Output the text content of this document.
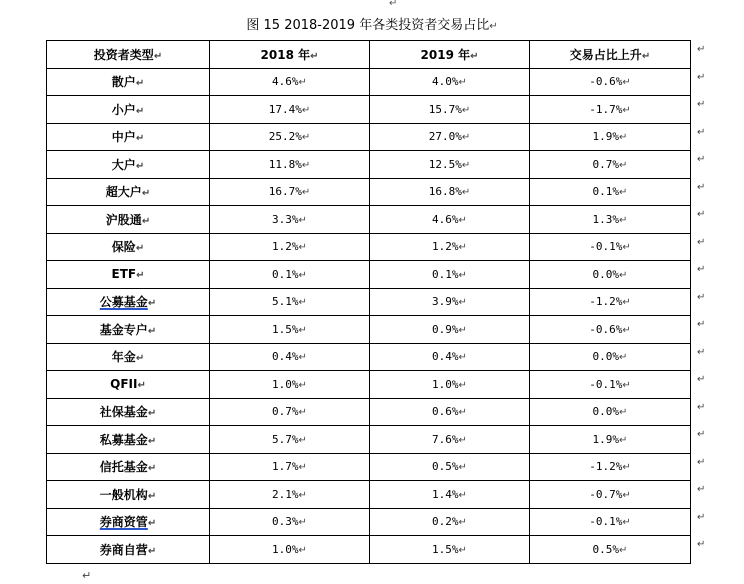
↵
图 15 2018-2019 年各类投资者交易占比↵
投资者类型↵	2018 年↵	2019 年↵	交易占比上升↵
散户↵	4.6%↵	4.0%↵	-0.6%↵
小户↵	17.4%↵	15.7%↵	-1.7%↵
中户↵	25.2%↵	27.0%↵	1.9%↵
大户↵	11.8%↵	12.5%↵	0.7%↵
超大户↵	16.7%↵	16.8%↵	0.1%↵
沪股通↵	3.3%↵	4.6%↵	1.3%↵
保险↵	1.2%↵	1.2%↵	-0.1%↵
ETF↵	0.1%↵	0.1%↵	0.0%↵
公募基金↵	5.1%↵	3.9%↵	-1.2%↵
基金专户↵	1.5%↵	0.9%↵	-0.6%↵
年金↵	0.4%↵	0.4%↵	0.0%↵
QFII↵	1.0%↵	1.0%↵	-0.1%↵
社保基金↵	0.7%↵	0.6%↵	0.0%↵
私募基金↵	5.7%↵	7.6%↵	1.9%↵
信托基金↵	1.7%↵	0.5%↵	-1.2%↵
一般机构↵	2.1%↵	1.4%↵	-0.7%↵
券商资管↵	0.3%↵	0.2%↵	-0.1%↵
券商自营↵	1.0%↵	1.5%↵	0.5%↵
↵
↵
↵
↵
↵
↵
↵
↵
↵
↵
↵
↵
↵
↵
↵
↵
↵
↵
↵
↵
